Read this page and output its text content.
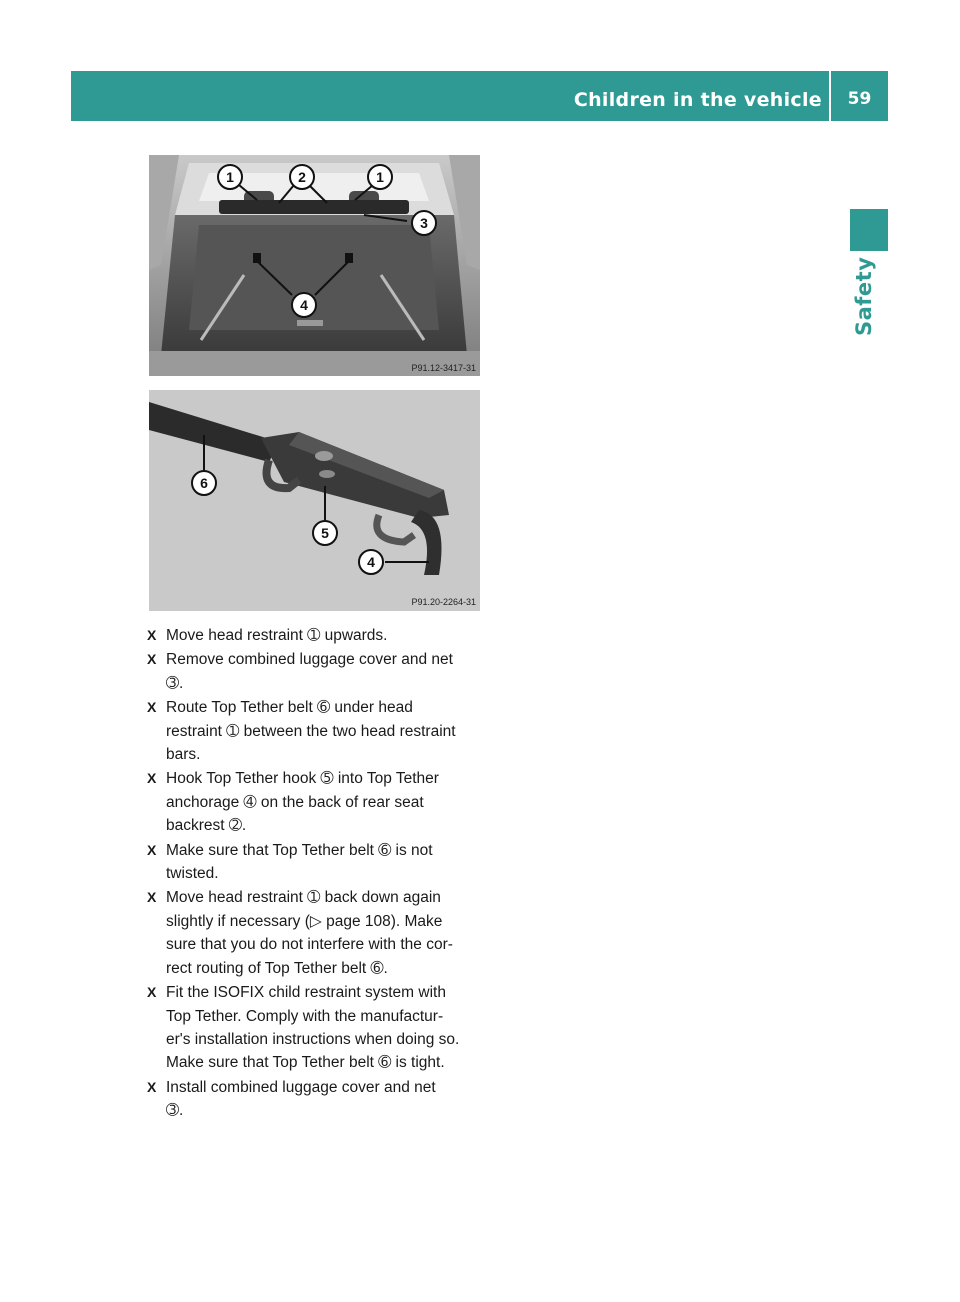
Children in the vehicle	59
Safety
1	2	1
3
4
P91.12-3417-31
6
5
4
P91.20-2264-31
X Move head restraint ➀ upwards.
X Remove combined luggage cover and net
➂.
X Route Top Tether belt ➅ under head
restraint ➀ between the two head restraint
bars.
X Hook Top Tether hook ➄ into Top Tether
anchorage ➃ on the back of rear seat
backrest ➁.
X Make sure that Top Tether belt ➅ is not
twisted.
X Move head restraint ➀ back down again
slightly if necessary (▷ page 108). Make
sure that you do not interfere with the cor-
rect routing of Top Tether belt ➅.
X Fit the ISOFIX child restraint system with
Top Tether. Comply with the manufactur-
er's installation instructions when doing so.
Make sure that Top Tether belt ➅ is tight.
X Install combined luggage cover and net
➂.
